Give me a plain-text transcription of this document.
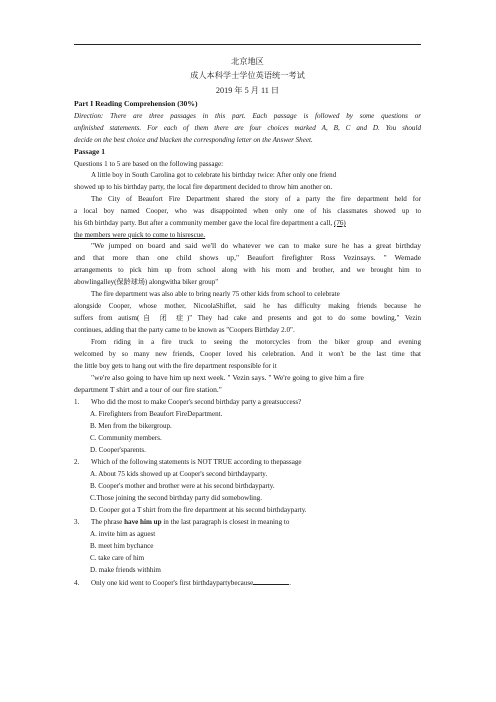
北京地区
成人本科学士学位英语统一考试
2019 年 5 月 11 日
Part I Reading Comprehension (30%)
Direction: There are three passages in this part. Each passage is followed by some questions or
unfinished statements. For each of them there are four choices marked A, B, C and D. You should
decide on the best choice and blacken the corresponding letter on the Answer Sheet.
Passage 1
Questions 1 to 5 are based on the following passage:
A little boy in South Carolina got to celebrate his birthday twice: After only one friend
showed up to his birthday party, the local fire department decided to throw him another on.
The City of Beaufort Fire Department shared the story of a party the fire department held for
a local boy named Cooper, who was disappointed when only one of his classmates showed up to
his 6th birthday party. But after a community member gave the local fire department a call, (76)
the members were quick to come to hisrescue.
"We jumped on board and said we'll do whatever we can to make sure he has a great birthday
and that more than one child shows up," Beaufort firefighter Ross Vezinsays. " Wemade
arrangements to pick him up from school along with his mom and brother, and we brought him to
abowlingalley(保龄球场) alongwitha biker group"
The fire department was also able to bring nearly 75 other kids from school to celebrate
alongside Cooper, whose mother, NicoolaShiflet, said he has difficulty making friends because he
suffers from autism(自 闭 症)" They had cake and presents and got to do some bowling," Vezin
continues, adding that the party came to be known as "Coopers Birthday 2.0".
From riding in a fire truck to seeing the motorcycles from the biker group and evening
welcomed by so many new friends, Cooper loved his celebration. And it won't be the last time that
the little boy gets to hang out with the fire department responsible for it
"we're also going to have him up next week. " Vezin says. " We're going to give him a fire
department T shirt and a tour of our fire station."
1. Who did the most to make Cooper's second birthday party a greatsuccess?
A. Firefighters from Beaufort FireDepartment.
B. Men from the bikergroup.
C. Community members.
D. Cooper'sparents.
2. Which of the following statements is NOT TRUE according to thepassage
A. About 75 kids showed up at Cooper's second birthdayparty.
B. Cooper's mother and brother were at his second birthdayparty.
C.Those joining the second birthday party did somebowling.
D. Cooper got a T shirt from the fire department at his second birthdayparty.
3. The phrase have him up in the last paragraph is closest in meaning to
A. invite him as aguest
B. meet him bychance
C. take care of him
D. make friends withhim
4. Only one kid went to Cooper's first birthdaypartybecause	.
